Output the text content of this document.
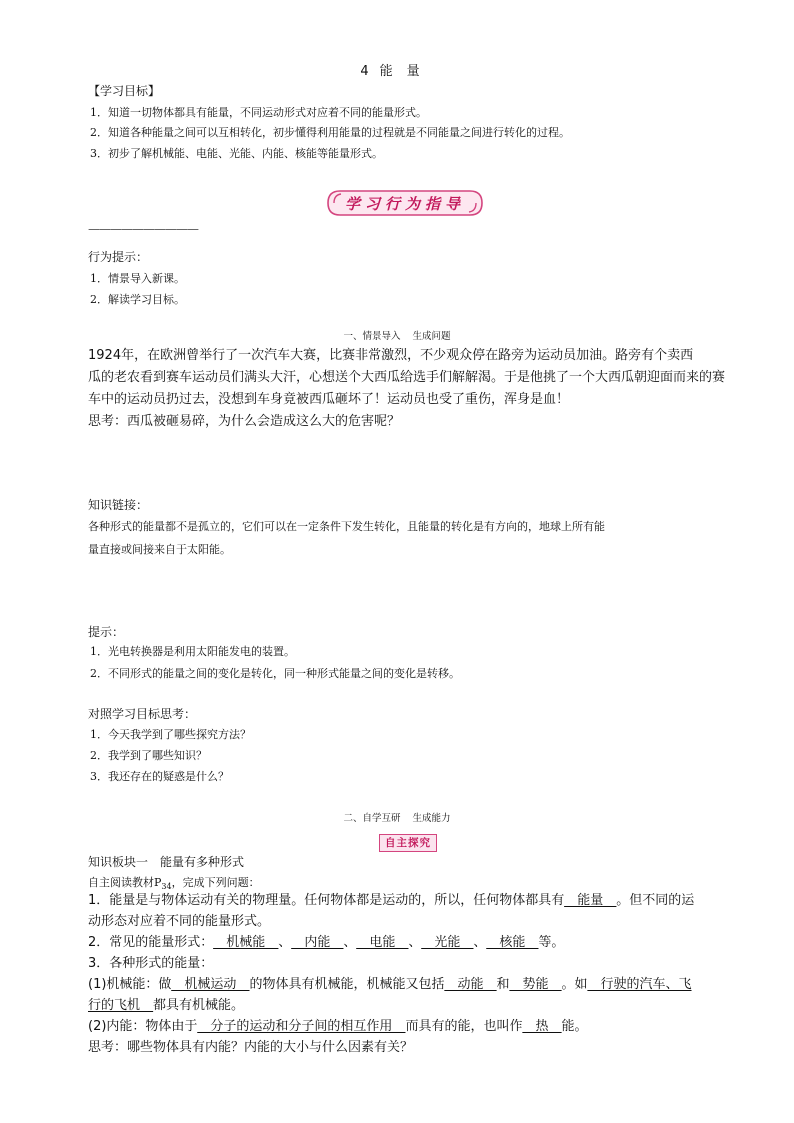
4 能量
【学习目标】
1．知道一切物体都具有能量，不同运动形式对应着不同的能量形式。
2．知道各种能量之间可以互相转化，初步懂得利用能量的过程就是不同能量之间进行转化的过程。
3．初步了解机械能、电能、光能、内能、核能等能量形式。
学习行为指导
——————————
行为提示：
1．情景导入新课。
2．解读学习目标。
一、情景导入 生成问题
1924年，在欧洲曾举行了一次汽车大赛，比赛非常激烈，不少观众停在路旁为运动员加油。路旁有个卖西
瓜的老农看到赛车运动员们满头大汗，心想送个大西瓜给选手们解解渴。于是他挑了一个大西瓜朝迎面而来的赛
车中的运动员扔过去，没想到车身竟被西瓜砸坏了！运动员也受了重伤，浑身是血！
思考：西瓜被砸易碎，为什么会造成这么大的危害呢？
知识链接：
各种形式的能量都不是孤立的，它们可以在一定条件下发生转化，且能量的转化是有方向的，地球上所有能
量直接或间接来自于太阳能。
提示：
1．光电转换器是利用太阳能发电的装置。
2．不同形式的能量之间的变化是转化，同一种形式能量之间的变化是转移。
对照学习目标思考：
1．今天我学到了哪些探究方法？
2．我学到了哪些知识？
3．我还存在的疑惑是什么？
二、自学互研 生成能力
自主探究
知识板块一　能量有多种形式
自主阅读教材$P_{34}$，完成下列问题：
1．能量是与物体运动有关的物理量。任何物体都是运动的，所以，任何物体都具有__能量__。但不同的运
动形态对应着不同的能量形式。
2．常见的能量形式：__机械能__、__内能__、__电能__、__光能__、__核能__等。
3．各种形式的能量：
(1)机械能：做__机械运动__的物体具有机械能，机械能又包括__动能__和__势能__。如__行驶的汽车、飞
行的飞机__都具有机械能。
(2)内能：物体由于__分子的运动和分子间的相互作用__而具有的能，也叫作__热__能。
思考：哪些物体具有内能？内能的大小与什么因素有关？
